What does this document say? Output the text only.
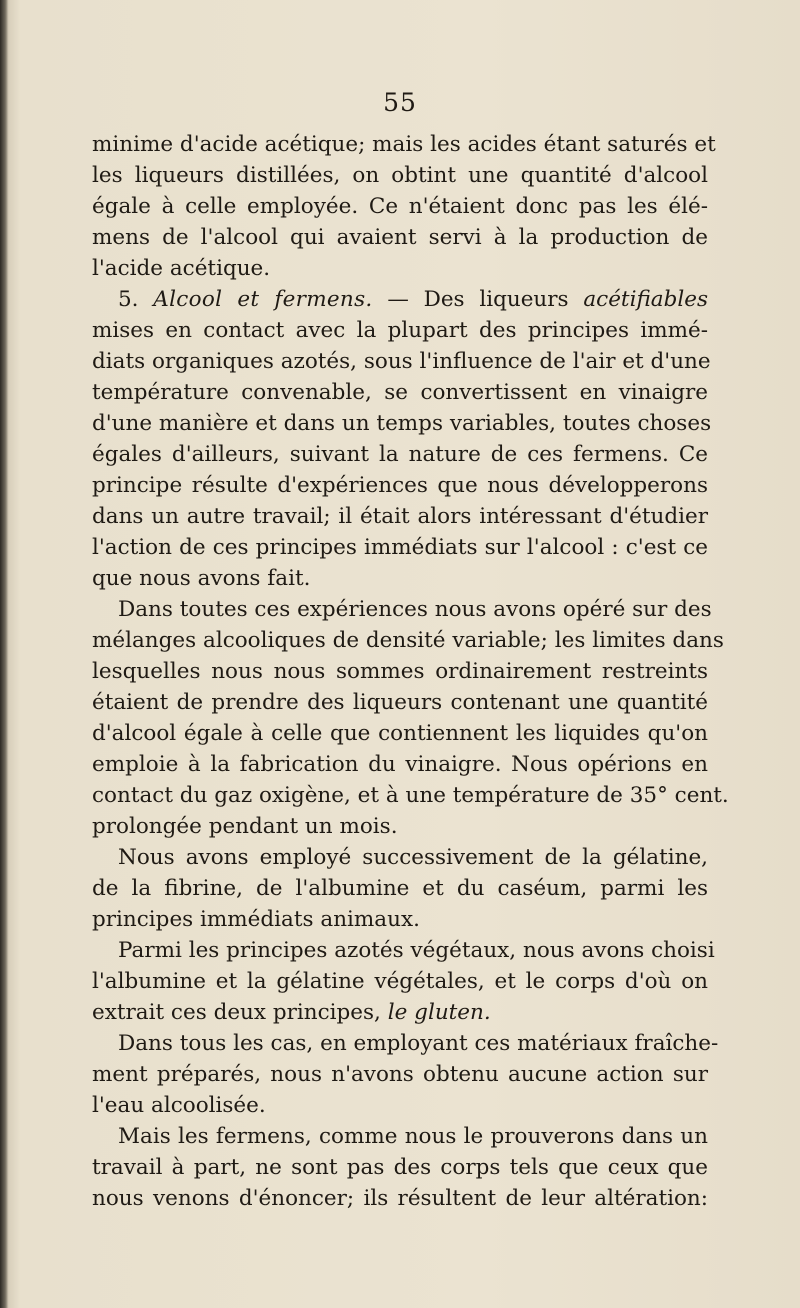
55
minime d'acide acétique; mais les acides étant saturés et
les liqueurs distillées, on obtint une quantité d'alcool
égale à celle employée. Ce n'étaient donc pas les élé-
mens de l'alcool qui avaient servi à la production de
l'acide acétique.
5. Alcool et fermens. — Des liqueurs acétifiables
mises en contact avec la plupart des principes immé-
diats organiques azotés, sous l'influence de l'air et d'une
température convenable, se convertissent en vinaigre
d'une manière et dans un temps variables, toutes choses
égales d'ailleurs, suivant la nature de ces fermens. Ce
principe résulte d'expériences que nous développerons
dans un autre travail; il était alors intéressant d'étudier
l'action de ces principes immédiats sur l'alcool : c'est ce
que nous avons fait.
Dans toutes ces expériences nous avons opéré sur des
mélanges alcooliques de densité variable; les limites dans
lesquelles nous nous sommes ordinairement restreints
étaient de prendre des liqueurs contenant une quantité
d'alcool égale à celle que contiennent les liquides qu'on
emploie à la fabrication du vinaigre. Nous opérions en
contact du gaz oxigène, et à une température de 35° cent.
prolongée pendant un mois.
Nous avons employé successivement de la gélatine,
de la fibrine, de l'albumine et du caséum, parmi les
principes immédiats animaux.
Parmi les principes azotés végétaux, nous avons choisi
l'albumine et la gélatine végétales, et le corps d'où on
extrait ces deux principes, le gluten.
Dans tous les cas, en employant ces matériaux fraîche-
ment préparés, nous n'avons obtenu aucune action sur
l'eau alcoolisée.
Mais les fermens, comme nous le prouverons dans un
travail à part, ne sont pas des corps tels que ceux que
nous venons d'énoncer; ils résultent de leur altération:
